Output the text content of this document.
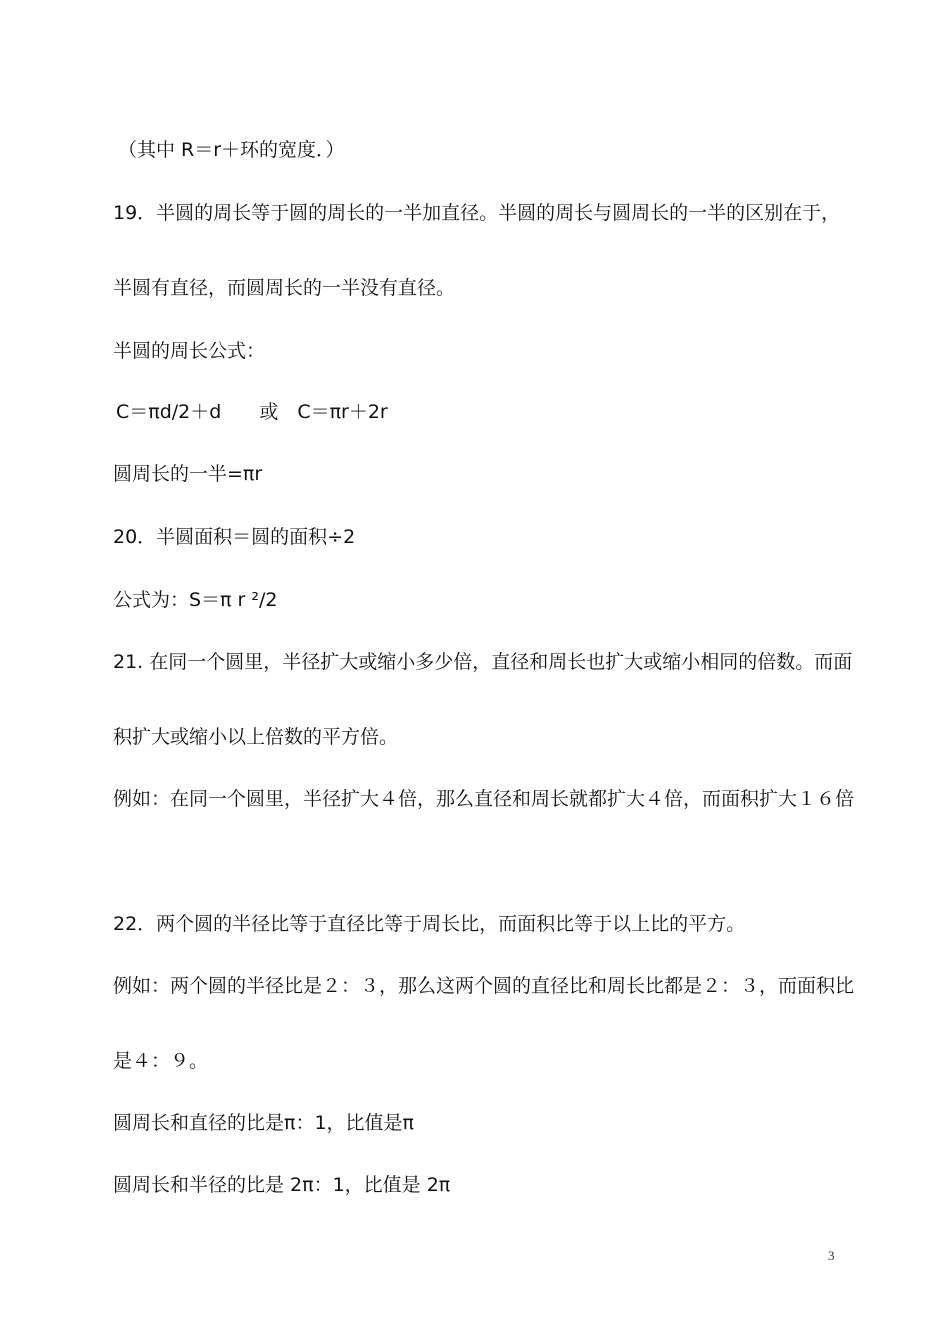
（其中 R＝r＋环的宽度．）
19．半圆的周长等于圆的周长的一半加直径。半圆的周长与圆周长的一半的区别在于，
半圆有直径，而圆周长的一半没有直径。
半圆的周长公式：
C＝πd/2＋d　　或　C＝πr＋2r
圆周长的一半=πr
20．半圆面积＝圆的面积÷2
公式为：S＝π r ²/2
21. 在同一个圆里，半径扩大或缩小多少倍，直径和周长也扩大或缩小相同的倍数。而面
积扩大或缩小以上倍数的平方倍。
例如：在同一个圆里，半径扩大４倍，那么直径和周长就都扩大４倍，而面积扩大１６倍
22．两个圆的半径比等于直径比等于周长比，而面积比等于以上比的平方。
例如：两个圆的半径比是２：３，那么这两个圆的直径比和周长比都是２：３，而面积比
是４：９。
圆周长和直径的比是π：1，比值是π
圆周长和半径的比是 2π：1，比值是 2π
3
